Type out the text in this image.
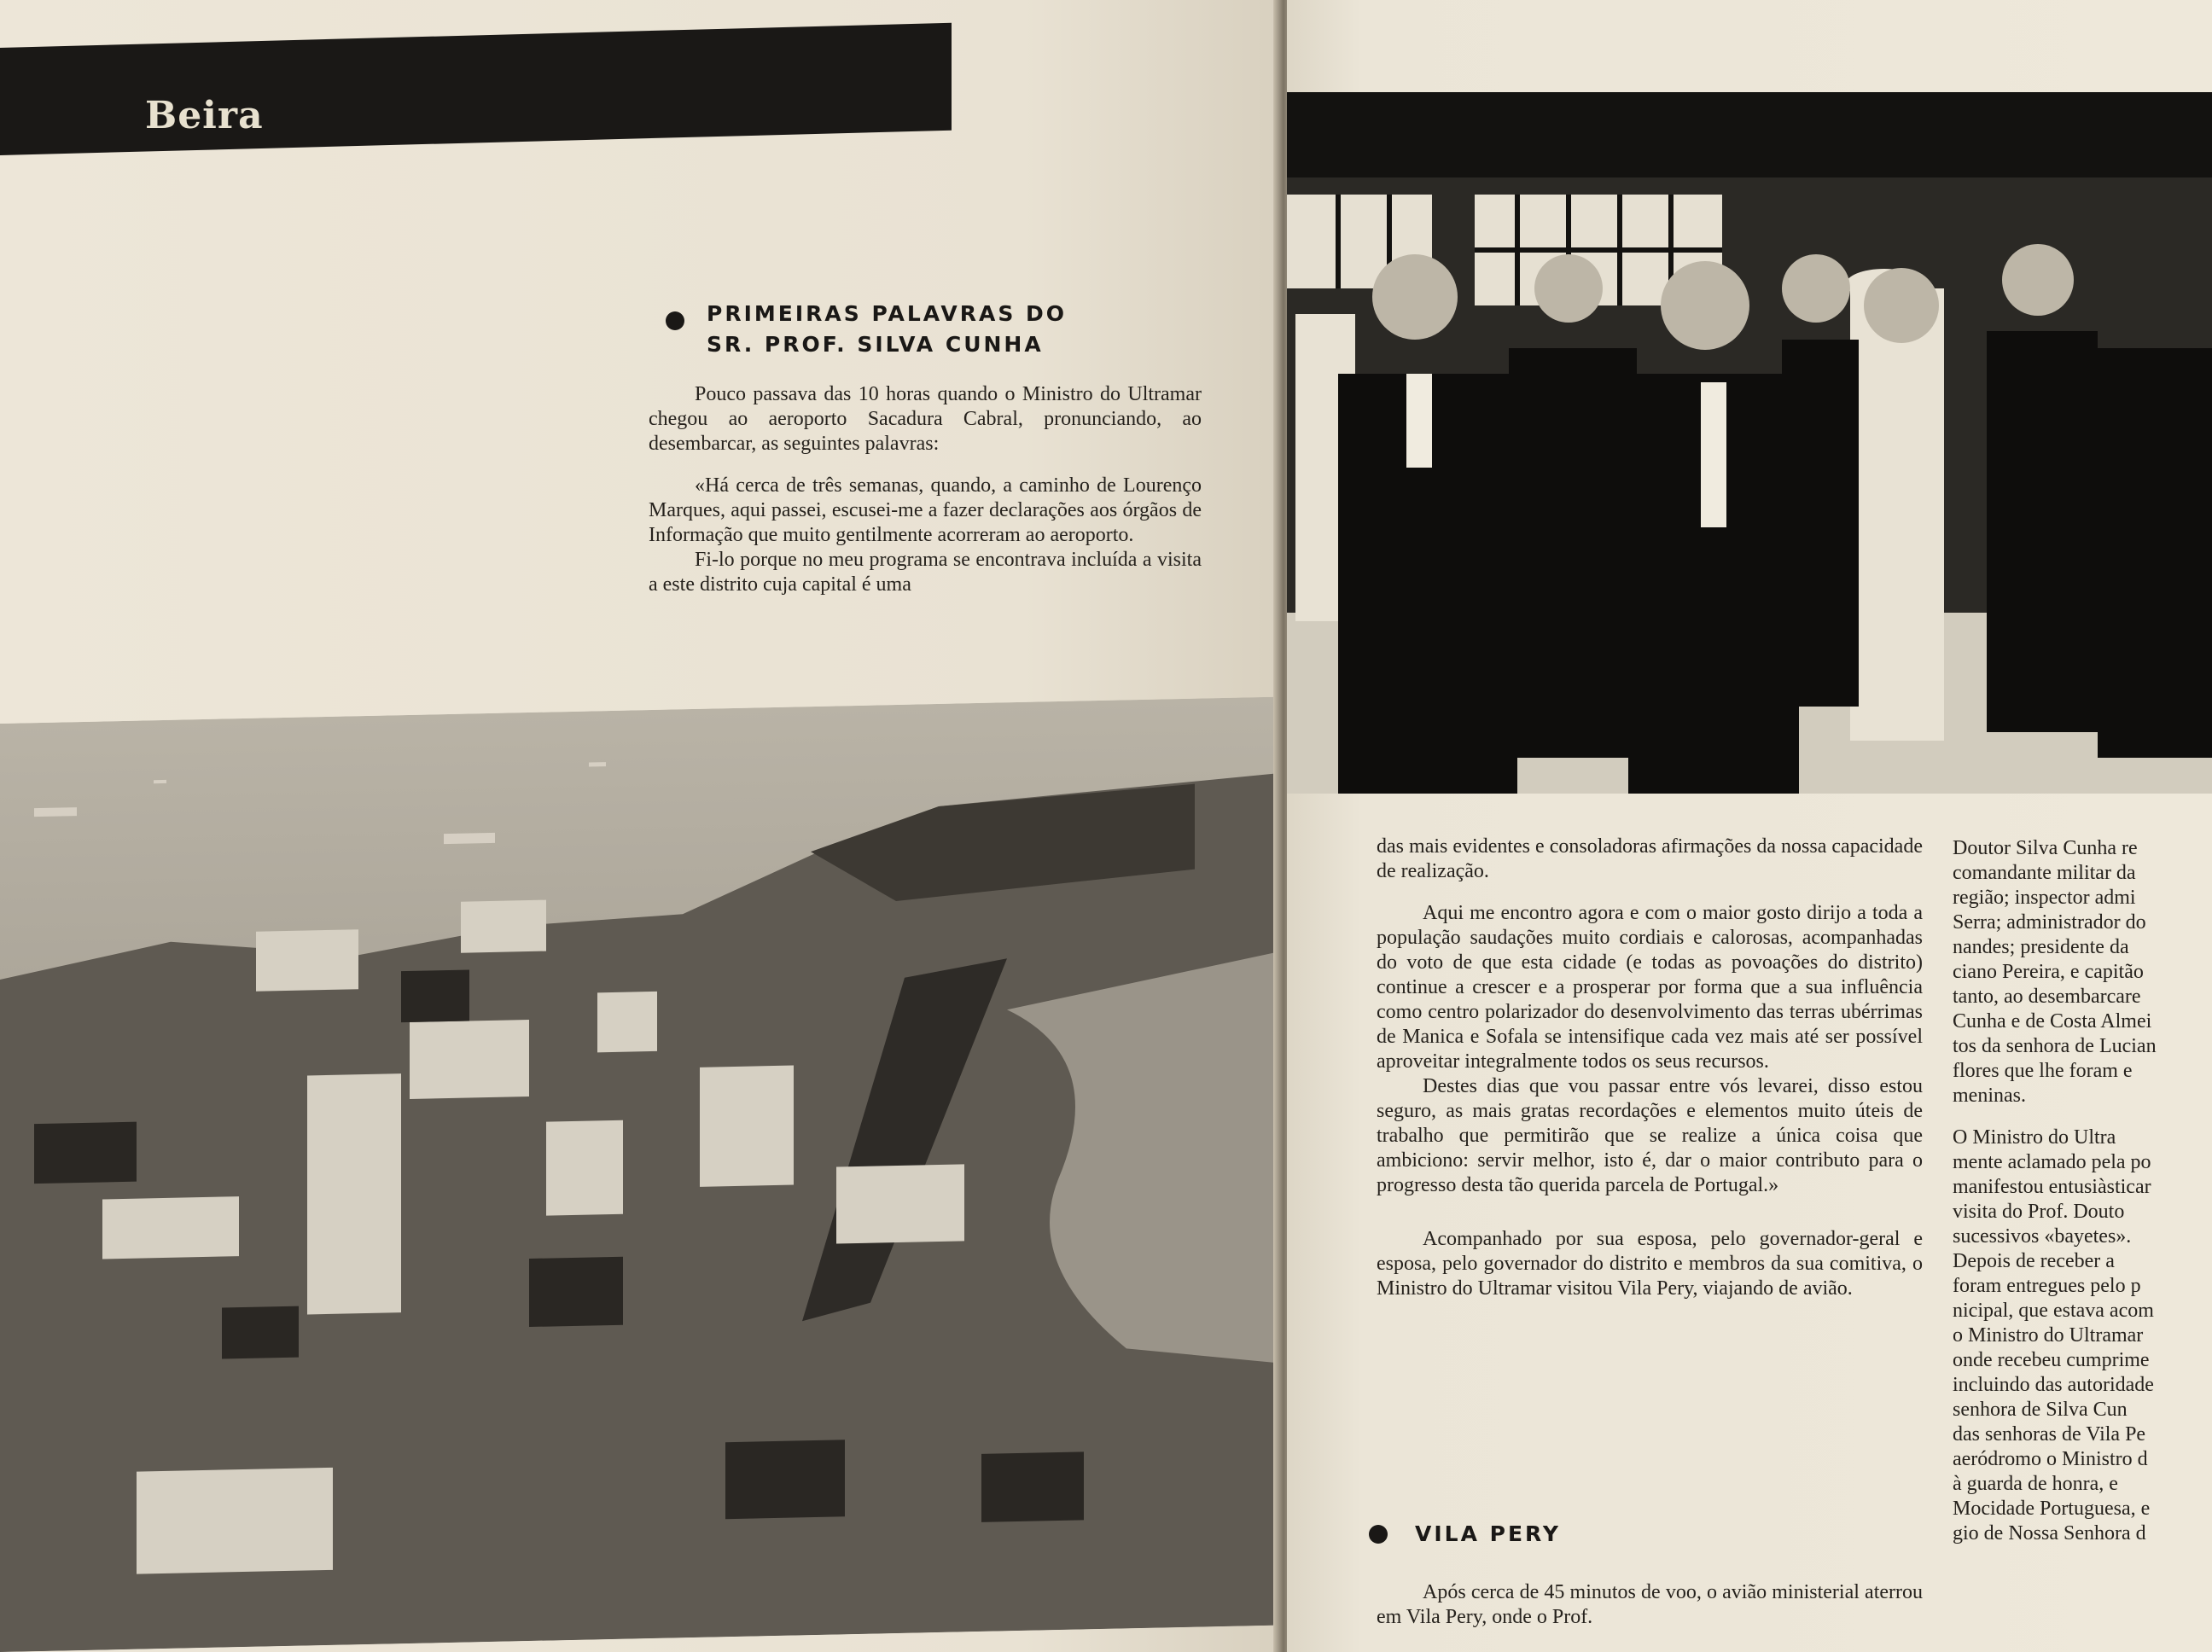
Beira
PRIMEIRAS PALAVRAS DO
SR. PROF. SILVA CUNHA

Pouco passava das 10 horas quando o Ministro do Ultramar chegou ao aeroporto Sacadura Cabral, pronunciando, ao desembarcar, as seguintes palavras:

«Há cerca de três semanas, quando, a caminho de Lourenço Marques, aqui passei, escusei-me a fazer declarações aos órgãos de Informação que muito gentilmente acorreram ao aeroporto.

Fi-lo porque no meu programa se encontrava incluída a visita a este distrito cuja capital é uma

das mais evidentes e consoladoras afirmações da nossa capacidade de realização.

Aqui me encontro agora e com o maior gosto dirijo a toda a população saudações muito cordiais e calorosas, acompanhadas do voto de que esta cidade (e todas as povoações do distrito) continue a crescer e a prosperar por forma que a sua influência como centro polarizador do desenvolvimento das terras ubérrimas de Manica e Sofala se intensifique cada vez mais até ser possível aproveitar integralmente todos os seus recursos.

Destes dias que vou passar entre vós levarei, disso estou seguro, as mais gratas recordações e elementos muito úteis de trabalho que permitirão que se realize a única coisa que ambiciono: servir melhor, isto é, dar o maior contributo para o progresso desta tão querida parcela de Portugal.»

Acompanhado por sua esposa, pelo governador-geral e esposa, pelo governador do distrito e membros da sua comitiva, o Ministro do Ultramar visitou Vila Pery, viajando de avião.

VILA PERY

Após cerca de 45 minutos de voo, o avião ministerial aterrou em Vila Pery, onde o Prof.

Doutor Silva Cunha re
comandante militar da
região; inspector admi
Serra; administrador do
nandes; presidente da
ciano Pereira, e capitão
tanto, ao desembarcare
Cunha e de Costa Almei
tos da senhora de Lucian
flores que lhe foram e
meninas.
O Ministro do Ultra
mente aclamado pela po
manifestou entusiàsticar
visita do Prof. Douto
sucessivos «bayetes».
Depois de receber a
foram entregues pelo p
nicipal, que estava acom
o Ministro do Ultramar
onde recebeu cumprime
incluindo das autoridade
senhora de Silva Cun
das senhoras de Vila Pe
aeródromo o Ministro d
à guarda de honra, e
Mocidade Portuguesa, e
gio de Nossa Senhora d
